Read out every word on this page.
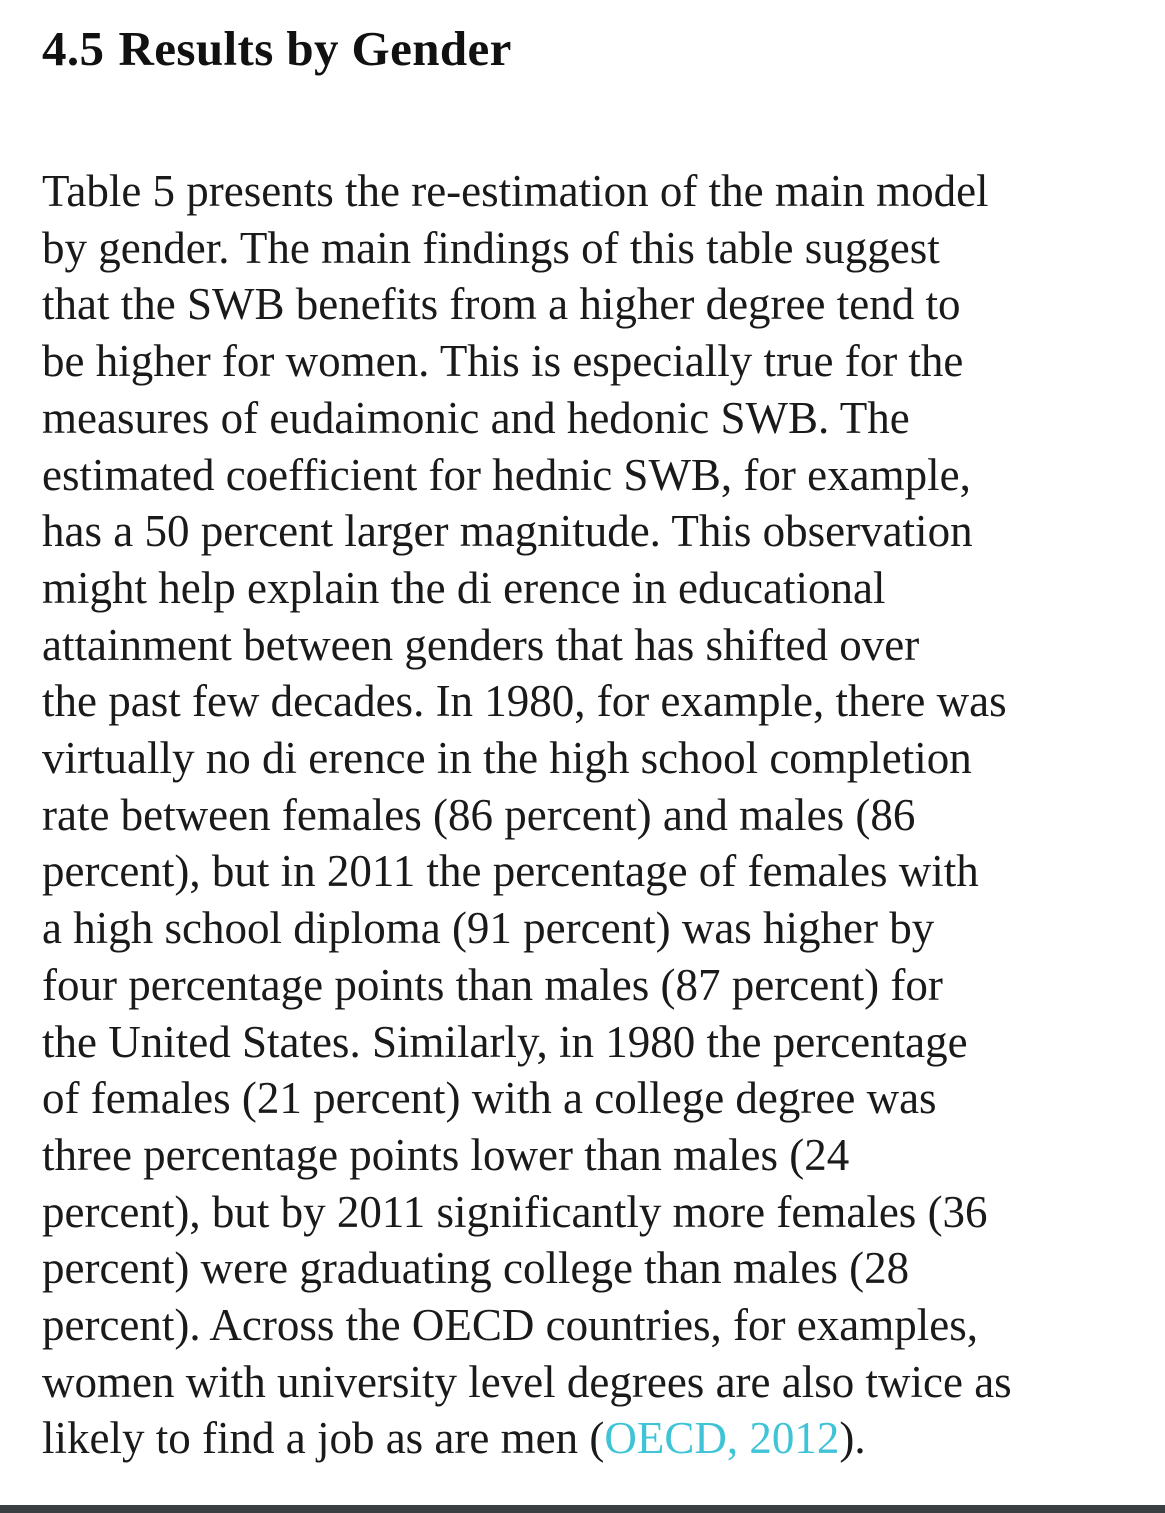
4.5 Results by Gender

Table 5 presents the re-estimation of the main model
by gender. The main findings of this table suggest
that the SWB benefits from a higher degree tend to
be higher for women. This is especially true for the
measures of eudaimonic and hedonic SWB. The
estimated coefficient for hednic SWB, for example,
has a 50 percent larger magnitude. This observation
might help explain the di erence in educational
attainment between genders that has shifted over
the past few decades. In 1980, for example, there was
virtually no di erence in the high school completion
rate between females (86 percent) and males (86
percent), but in 2011 the percentage of females with
a high school diploma (91 percent) was higher by
four percentage points than males (87 percent) for
the United States. Similarly, in 1980 the percentage
of females (21 percent) with a college degree was
three percentage points lower than males (24
percent), but by 2011 significantly more females (36
percent) were graduating college than males (28
percent). Across the OECD countries, for examples,
women with university level degrees are also twice as
likely to find a job as are men (OECD, 2012).
